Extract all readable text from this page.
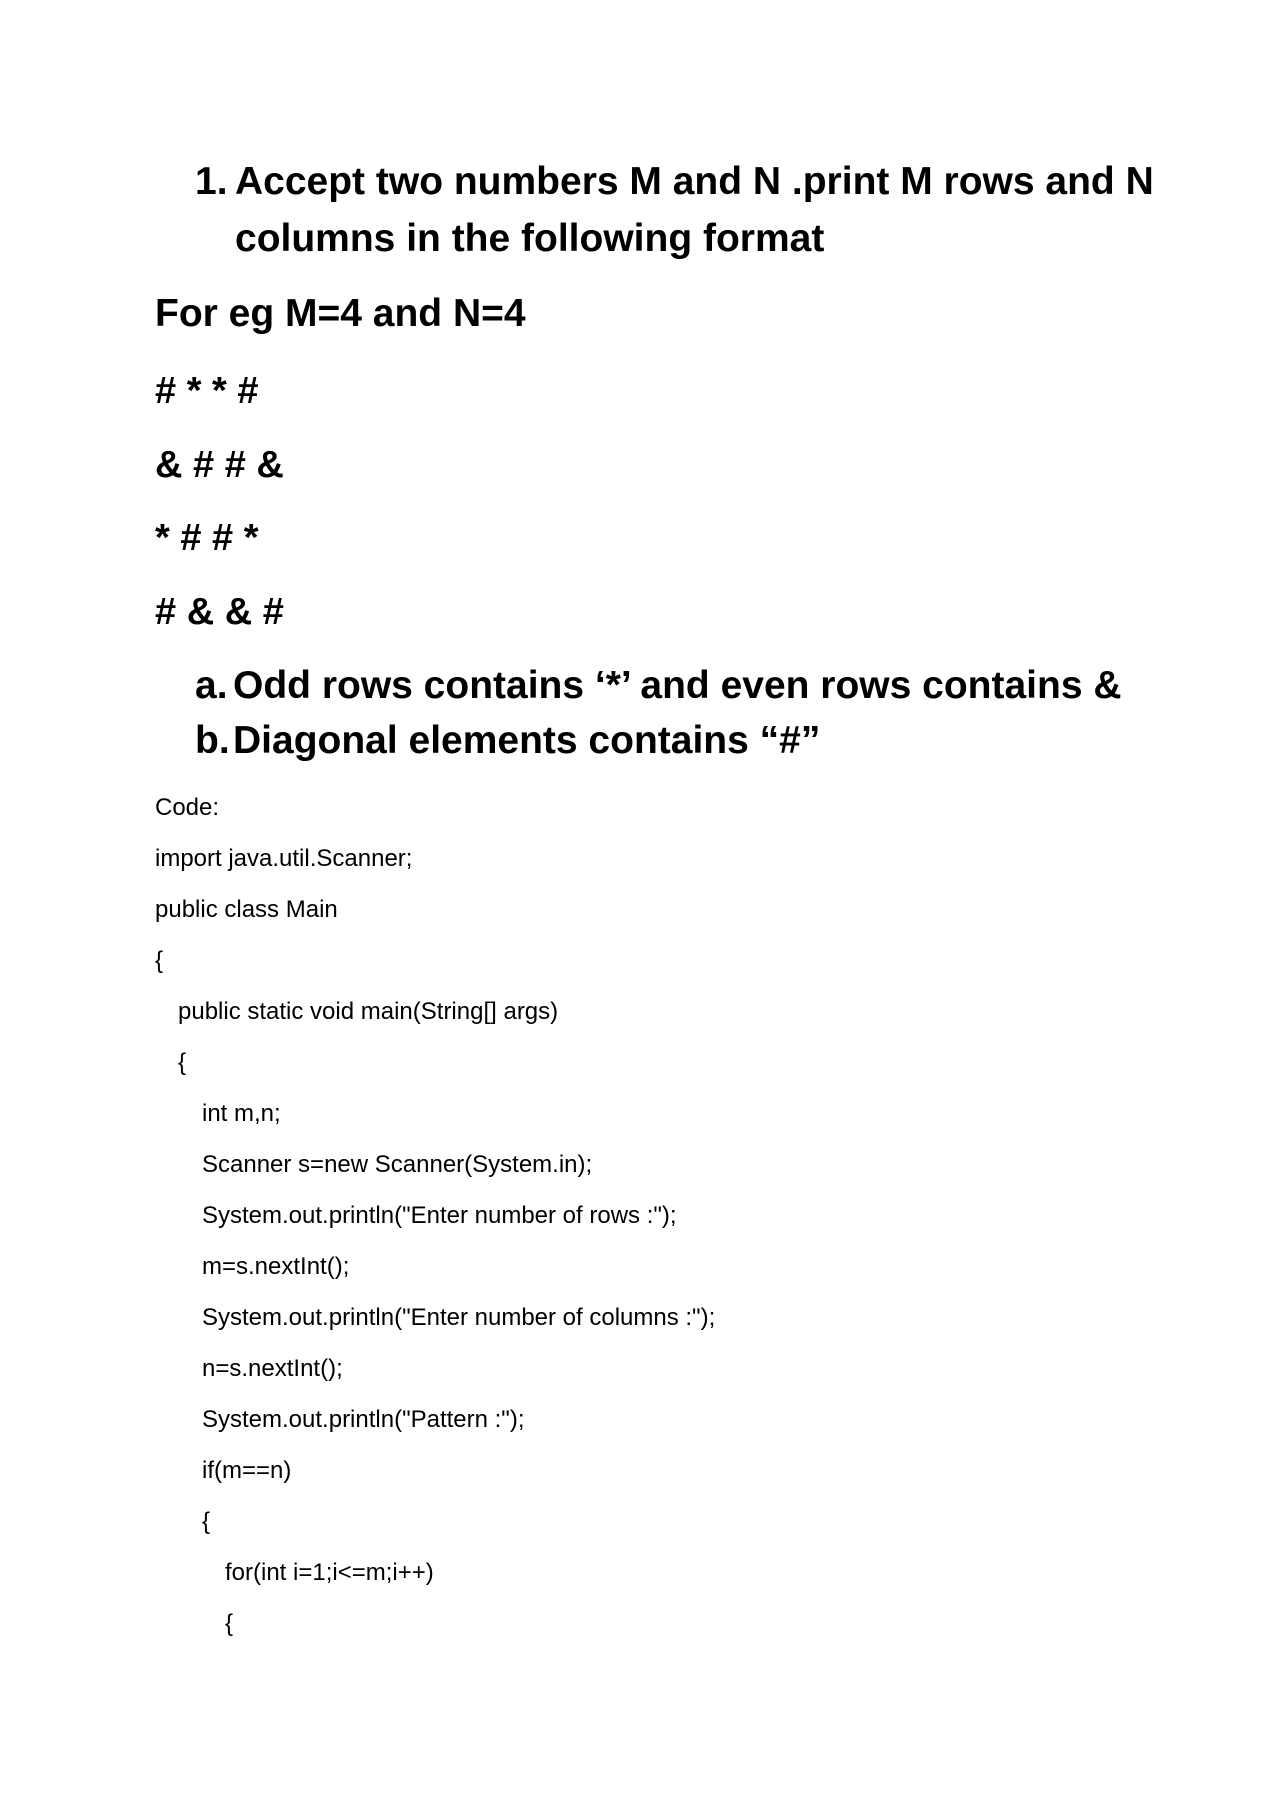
1. Accept two numbers M and N .print M rows and N columns in the following format
For eg M=4 and N=4
# * * #
& # # &
* # # *
# & & #
a. Odd rows contains ‘*’ and even rows contains &
b.Diagonal elements contains “#”
Code:
import java.util.Scanner;
public class Main
{
public static void main(String[] args)
{
int m,n;
Scanner s=new Scanner(System.in);
System.out.println("Enter number of rows :");
m=s.nextInt();
System.out.println("Enter number of columns :");
n=s.nextInt();
System.out.println("Pattern :");
if(m==n)
{
for(int i=1;i<=m;i++)
{
